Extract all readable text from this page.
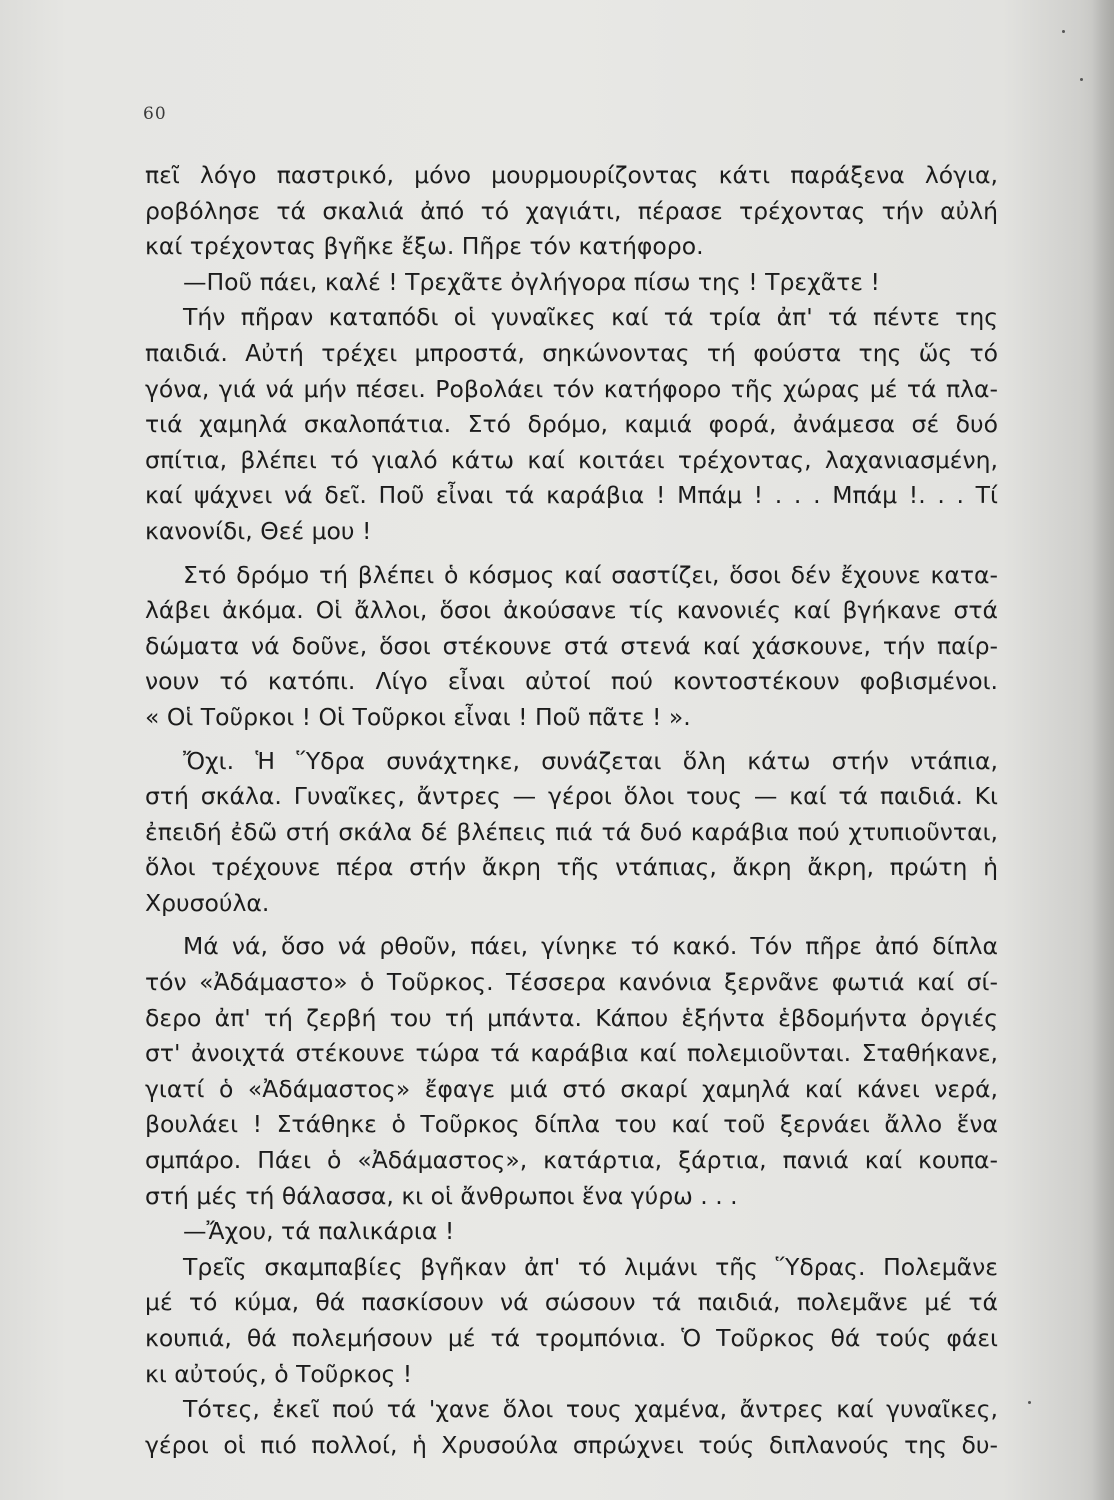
60
πεῖ λόγο παστρικό, μόνο μουρμουρίζοντας κάτι παράξενα λόγια,
ροβόλησε τά σκαλιά ἀπό τό χαγιάτι, πέρασε τρέχοντας τήν αὐλή
καί τρέχοντας βγῆκε ἔξω. Πῆρε τόν κατήφορο.
—Ποῦ πάει, καλέ ! Τρεχᾶτε ὀγλήγορα πίσω της ! Τρεχᾶτε !
Τήν πῆραν καταπόδι οἱ γυναῖκες καί τά τρία ἀπ' τά πέντε της
παιδιά. Αὐτή τρέχει μπροστά, σηκώνοντας τή φούστα της ὥς τό
γόνα, γιά νά μήν πέσει. Ροβολάει τόν κατήφορο τῆς χώρας μέ τά πλα-
τιά χαμηλά σκαλοπάτια. Στό δρόμο, καμιά φορά, ἀνάμεσα σέ δυό
σπίτια, βλέπει τό γιαλό κάτω καί κοιτάει τρέχοντας, λαχανιασμένη,
καί ψάχνει νά δεῖ. Ποῦ εἶναι τά καράβια ! Μπάμ ! . . . Μπάμ !. . . Τί
κανονίδι, Θεέ μου !
Στό δρόμο τή βλέπει ὁ κόσμος καί σαστίζει, ὅσοι δέν ἔχουνε κατα-
λάβει ἀκόμα. Οἱ ἄλλοι, ὅσοι ἀκούσανε τίς κανονιές καί βγήκανε στά
δώματα νά δοῦνε, ὅσοι στέκουνε στά στενά καί χάσκουνε, τήν παίρ-
νουν τό κατόπι. Λίγο εἶναι αὐτοί πού κοντοστέκουν φοβισμένοι.
« Οἱ Τοῦρκοι ! Οἱ Τοῦρκοι εἶναι ! Ποῦ πᾶτε ! ».
Ὄχι. Ἡ Ὕδρα συνάχτηκε, συνάζεται ὅλη κάτω στήν ντάπια,
στή σκάλα. Γυναῖκες, ἄντρες — γέροι ὅλοι τους — καί τά παιδιά. Κι
ἐπειδή ἐδῶ στή σκάλα δέ βλέπεις πιά τά δυό καράβια πού χτυπιοῦνται,
ὅλοι τρέχουνε πέρα στήν ἄκρη τῆς ντάπιας, ἄκρη ἄκρη, πρώτη ἡ
Χρυσούλα.
Μά νά, ὅσο νά ρθοῦν, πάει, γίνηκε τό κακό. Τόν πῆρε ἀπό δίπλα
τόν «Ἀδάμαστο» ὁ Τοῦρκος. Τέσσερα κανόνια ξερνᾶνε φωτιά καί σί-
δερο ἀπ' τή ζερβή του τή μπάντα. Κάπου ἑξήντα ἑβδομήντα ὀργιές
στ' ἀνοιχτά στέκουνε τώρα τά καράβια καί πολεμιοῦνται. Σταθήκανε,
γιατί ὁ «Ἀδάμαστος» ἔφαγε μιά στό σκαρί χαμηλά καί κάνει νερά,
βουλάει ! Στάθηκε ὁ Τοῦρκος δίπλα του καί τοῦ ξερνάει ἄλλο ἕνα
σμπάρο. Πάει ὁ «Ἀδάμαστος», κατάρτια, ξάρτια, πανιά καί κουπα-
στή μές τή θάλασσα, κι οἱ ἄνθρωποι ἕνα γύρω . . .
—Ἄχου, τά παλικάρια !
Τρεῖς σκαμπαβίες βγῆκαν ἀπ' τό λιμάνι τῆς Ὕδρας. Πολεμᾶνε
μέ τό κύμα, θά πασκίσουν νά σώσουν τά παιδιά, πολεμᾶνε μέ τά
κουπιά, θά πολεμήσουν μέ τά τρομπόνια. Ὁ Τοῦρκος θά τούς φάει
κι αὐτούς, ὁ Τοῦρκος !
Τότες, ἐκεῖ πού τά 'χανε ὅλοι τους χαμένα, ἄντρες καί γυναῖκες,
γέροι οἱ πιό πολλοί, ἡ Χρυσούλα σπρώχνει τούς διπλανούς της δυ-
